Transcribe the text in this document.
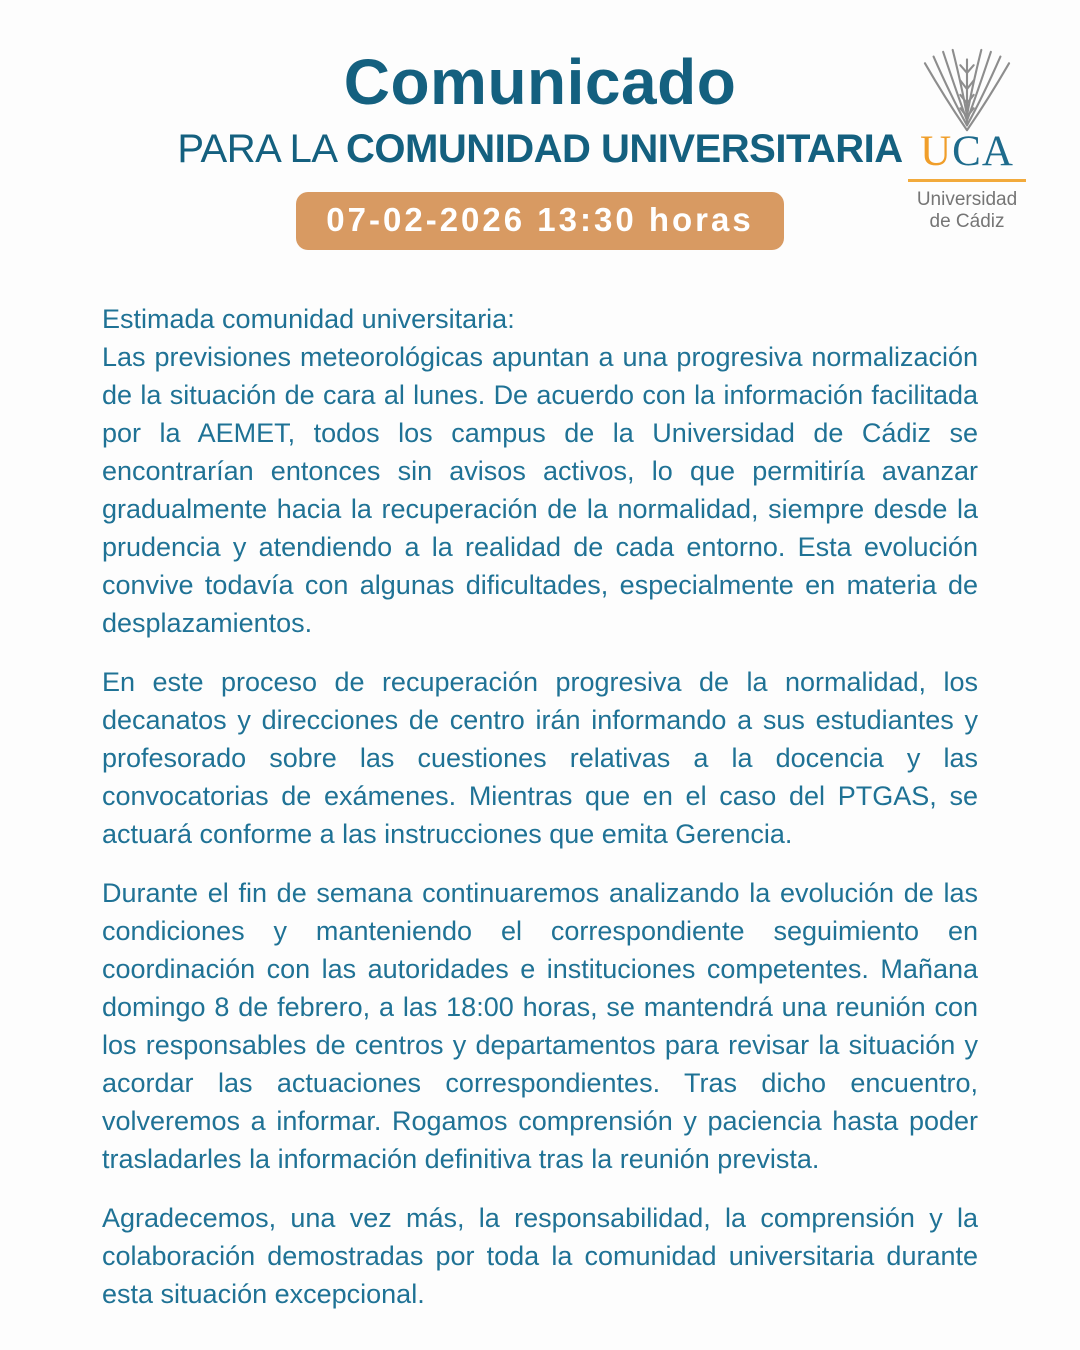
Comunicado
PARA LA COMUNIDAD UNIVERSITARIA
07-02-2026 13:30 horas
UCA
Universidad
de Cádiz
Estimada comunidad universitaria:

Las previsiones meteorológicas apuntan a una progresiva normalización de la situación de cara al lunes. De acuerdo con la información facilitada por la AEMET, todos los campus de la Universidad de Cádiz se encontrarían entonces sin avisos activos, lo que permitiría avanzar gradualmente hacia la recuperación de la normalidad, siempre desde la prudencia y atendiendo a la realidad de cada entorno. Esta evolución convive todavía con algunas dificultades, especialmente en materia de desplazamientos.

En este proceso de recuperación progresiva de la normalidad, los decanatos y direcciones de centro irán informando a sus estudiantes y profesorado sobre las cuestiones relativas a la docencia y las convocatorias de exámenes. Mientras que en el caso del PTGAS, se actuará conforme a las instrucciones que emita Gerencia.

Durante el fin de semana continuaremos analizando la evolución de las condiciones y manteniendo el correspondiente seguimiento en coordinación con las autoridades e instituciones competentes. Mañana domingo 8 de febrero, a las 18:00 horas, se mantendrá una reunión con los responsables de centros y departamentos para revisar la situación y acordar las actuaciones correspondientes. Tras dicho encuentro, volveremos a informar. Rogamos comprensión y paciencia hasta poder trasladarles la información definitiva tras la reunión prevista.

Agradecemos, una vez más, la responsabilidad, la comprensión y la colaboración demostradas por toda la comunidad universitaria durante esta situación excepcional.
